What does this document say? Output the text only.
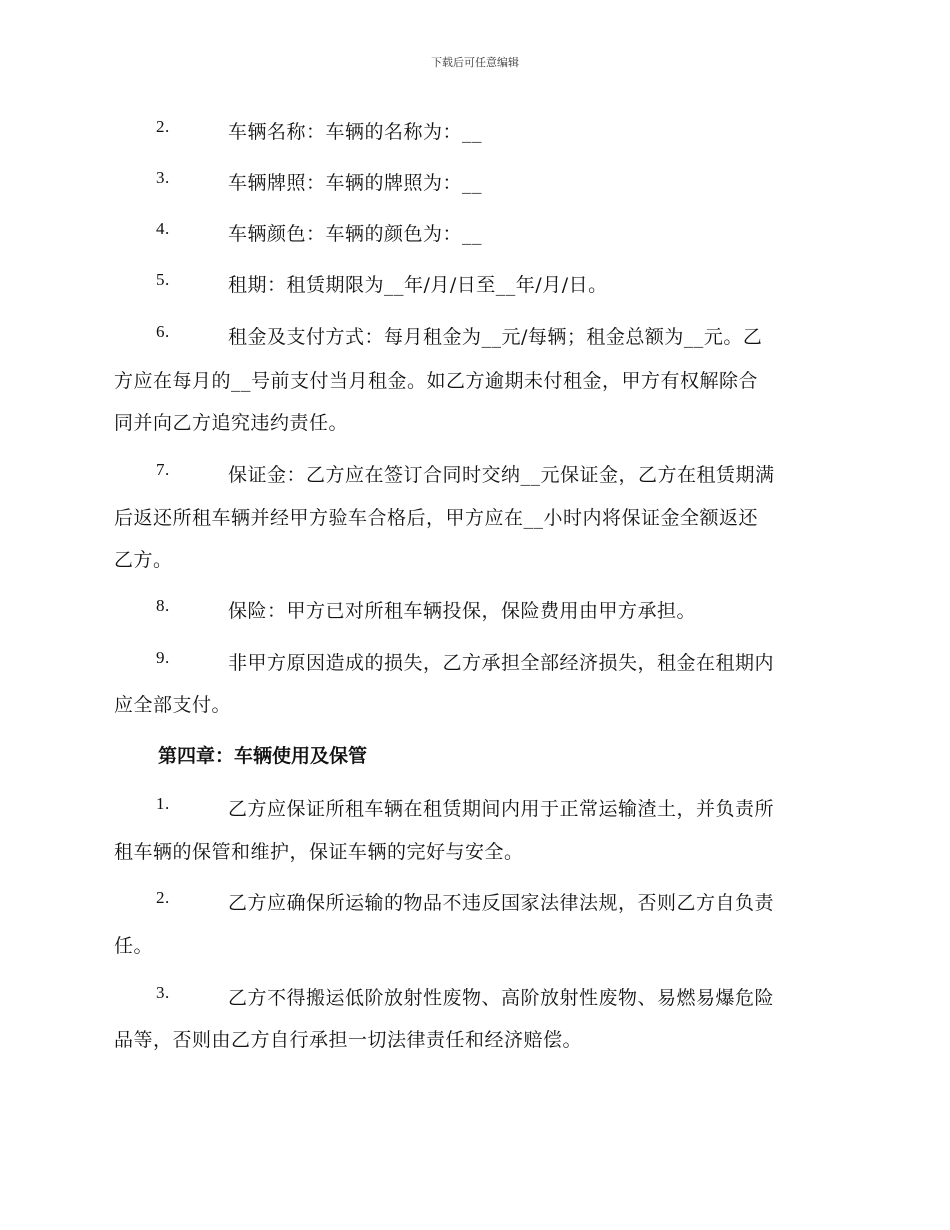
下载后可任意编辑
2.	车辆名称：车辆的名称为：__
3.	车辆牌照：车辆的牌照为：__
4.	车辆颜色：车辆的颜色为：__
5.	租期：租赁期限为__年/月/日至__年/月/日。
6.	租金及支付方式：每月租金为__元/每辆；租金总额为__元。乙
方应在每月的__号前支付当月租金。如乙方逾期未付租金，甲方有权解除合
同并向乙方追究违约责任。
7.	保证金：乙方应在签订合同时交纳__元保证金，乙方在租赁期满
后返还所租车辆并经甲方验车合格后，甲方应在__小时内将保证金全额返还
乙方。
8.	保险：甲方已对所租车辆投保，保险费用由甲方承担。
9.	非甲方原因造成的损失，乙方承担全部经济损失，租金在租期内
应全部支付。
第四章：车辆使用及保管
1.	乙方应保证所租车辆在租赁期间内用于正常运输渣土，并负责所
租车辆的保管和维护，保证车辆的完好与安全。
2.	乙方应确保所运输的物品不违反国家法律法规，否则乙方自负责
任。
3.	乙方不得搬运低阶放射性废物、高阶放射性废物、易燃易爆危险
品等，否则由乙方自行承担一切法律责任和经济赔偿。
